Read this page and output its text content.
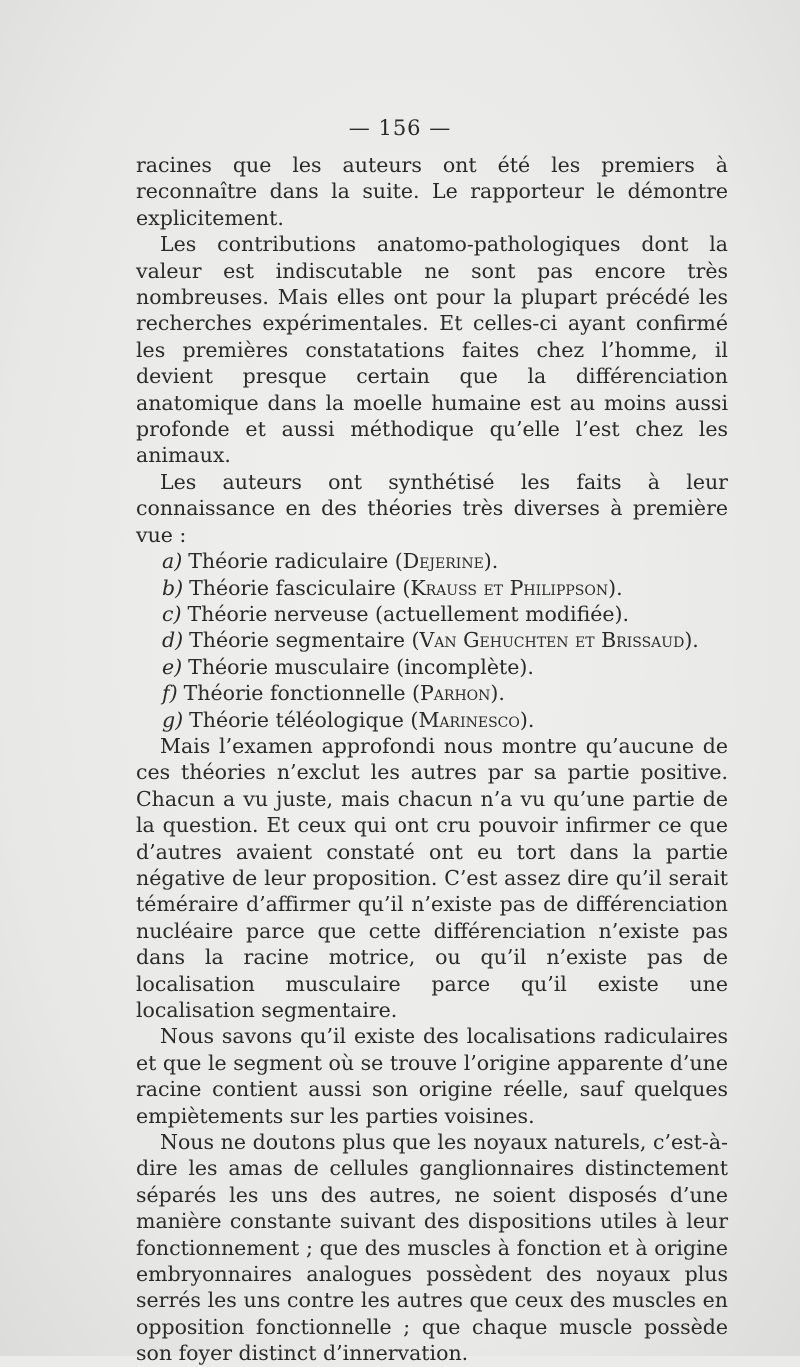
— 156 —

racines que les auteurs ont été les premiers à reconnaître dans la suite. Le rapporteur le démontre explicitement.

Les contributions anatomo-pathologiques dont la valeur est indiscutable ne sont pas encore très nombreuses. Mais elles ont pour la plupart précédé les recherches expérimentales. Et celles-ci ayant confirmé les premières constatations faites chez l’homme, il devient presque certain que la différenciation anatomique dans la moelle humaine est au moins aussi profonde et aussi méthodique qu’elle l’est chez les animaux.

Les auteurs ont synthétisé les faits à leur connaissance en des théories très diverses à première vue :

a) Théorie radiculaire (Dejerine).
b) Théorie fasciculaire (Krauss et Philippson).
c) Théorie nerveuse (actuellement modifiée).
d) Théorie segmentaire (Van Gehuchten et Brissaud).
e) Théorie musculaire (incomplète).
f) Théorie fonctionnelle (Parhon).
g) Théorie téléologique (Marinesco).

Mais l’examen approfondi nous montre qu’aucune de ces théories n’exclut les autres par sa partie positive. Chacun a vu juste, mais chacun n’a vu qu’une partie de la question. Et ceux qui ont cru pouvoir infirmer ce que d’autres avaient constaté ont eu tort dans la partie négative de leur proposition. C’est assez dire qu’il serait téméraire d’affirmer qu’il n’existe pas de différenciation nucléaire parce que cette différenciation n’existe pas dans la racine motrice, ou qu’il n’existe pas de localisation musculaire parce qu’il existe une localisation segmentaire.

Nous savons qu’il existe des localisations radiculaires et que le segment où se trouve l’origine apparente d’une racine contient aussi son origine réelle, sauf quelques empiètements sur les parties voisines.

Nous ne doutons plus que les noyaux naturels, c’est-à-dire les amas de cellules ganglionnaires distinctement séparés les uns des autres, ne soient disposés d’une manière constante suivant des dispositions utiles à leur fonctionnement ; que des muscles à fonction et à origine embryonnaires analogues possèdent des noyaux plus serrés les uns contre les autres que ceux des muscles en opposition fonctionnelle ; que chaque muscle possède son foyer distinct d’innervation.
